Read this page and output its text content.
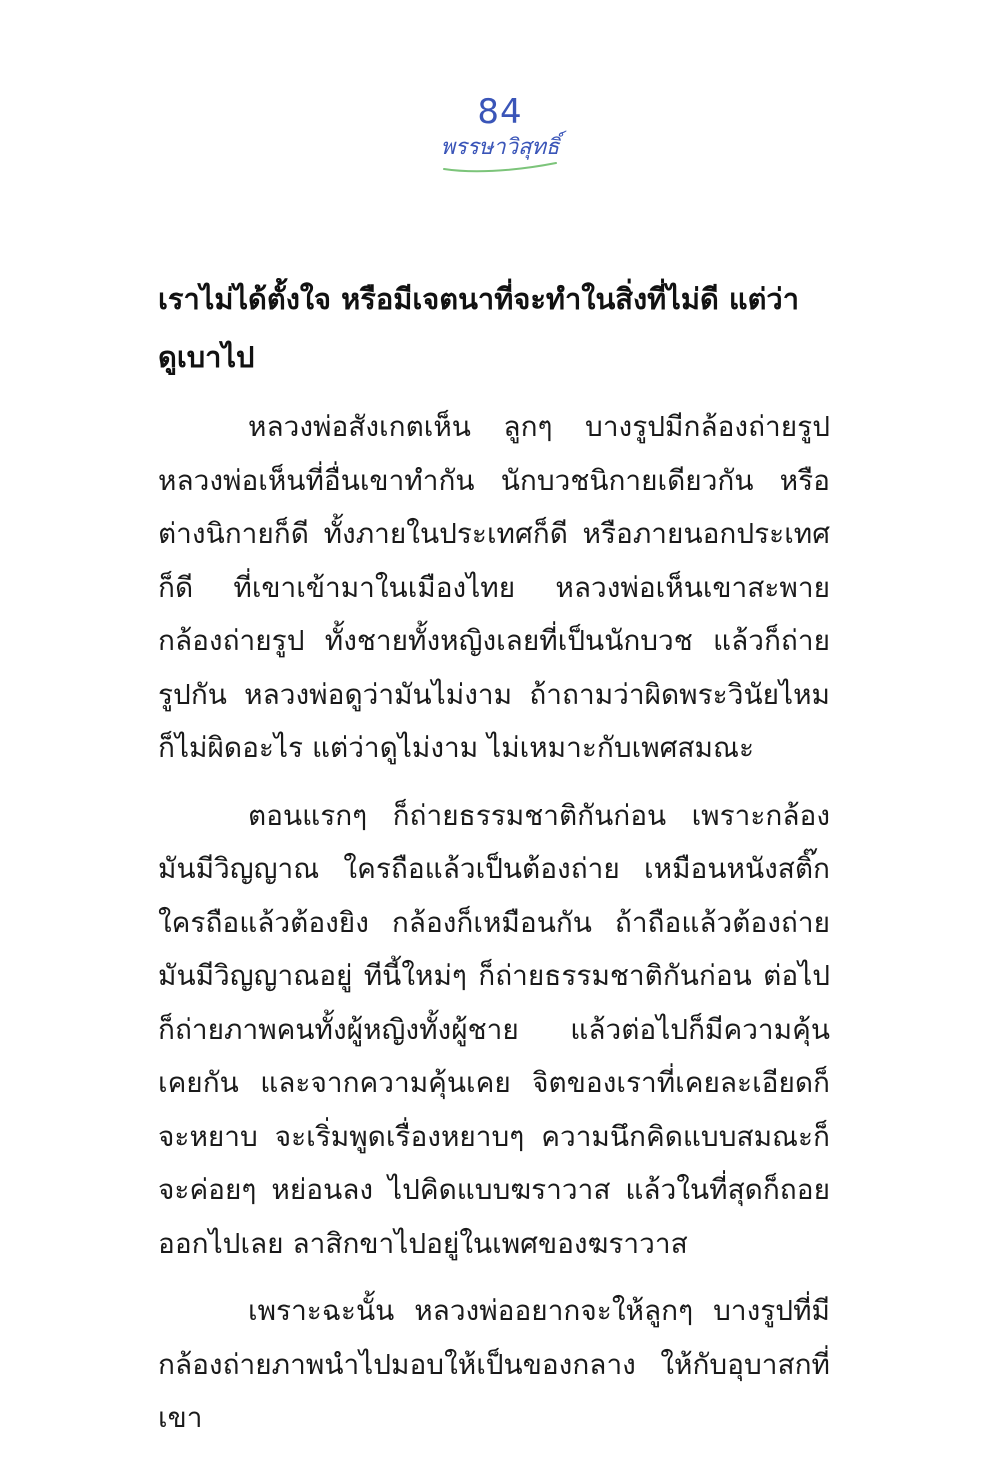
84
พรรษาวิสุทธิ์
เราไม่ได้ตั้งใจ หรือมีเจตนาที่จะทำในสิ่งที่ไม่ดี แต่ว่าดูเบาไป

หลวงพ่อสังเกตเห็น ลูกๆ บางรูปมีกล้องถ่ายรูป หลวงพ่อเห็นที่อื่นเขาทำกัน นักบวชนิกายเดียวกัน หรือต่างนิกายก็ดี ทั้งภายในประเทศก็ดี หรือภายนอกประเทศก็ดี ที่เขาเข้ามาในเมืองไทย หลวงพ่อเห็นเขาสะพายกล้องถ่ายรูป ทั้งชายทั้งหญิงเลยที่เป็นนักบวช แล้วก็ถ่ายรูปกัน หลวงพ่อดูว่ามันไม่งาม ถ้าถามว่าผิดพระวินัยไหม ก็ไม่ผิดอะไร แต่ว่าดูไม่งาม ไม่เหมาะกับเพศสมณะ

ตอนแรกๆ ก็ถ่ายธรรมชาติกันก่อน เพราะกล้องมันมีวิญญาณ ใครถือแล้วเป็นต้องถ่าย เหมือนหนังสติ๊ก ใครถือแล้วต้องยิง กล้องก็เหมือนกัน ถ้าถือแล้วต้องถ่าย มันมีวิญญาณอยู่ ทีนี้ใหม่ๆ ก็ถ่ายธรรมชาติกันก่อน ต่อไปก็ถ่ายภาพคนทั้งผู้หญิงทั้งผู้ชาย แล้วต่อไปก็มีความคุ้นเคยกัน และจากความคุ้นเคย จิตของเราที่เคยละเอียดก็จะหยาบ จะเริ่มพูดเรื่องหยาบๆ ความนึกคิดแบบสมณะก็จะค่อยๆ หย่อนลง ไปคิดแบบฆราวาส แล้วในที่สุดก็ถอยออกไปเลย ลาสิกขาไปอยู่ในเพศของฆราวาส

เพราะฉะนั้น หลวงพ่ออยากจะให้ลูกๆ บางรูปที่มีกล้องถ่ายภาพนำไปมอบให้เป็นของกลาง ให้กับอุบาสกที่เขา
